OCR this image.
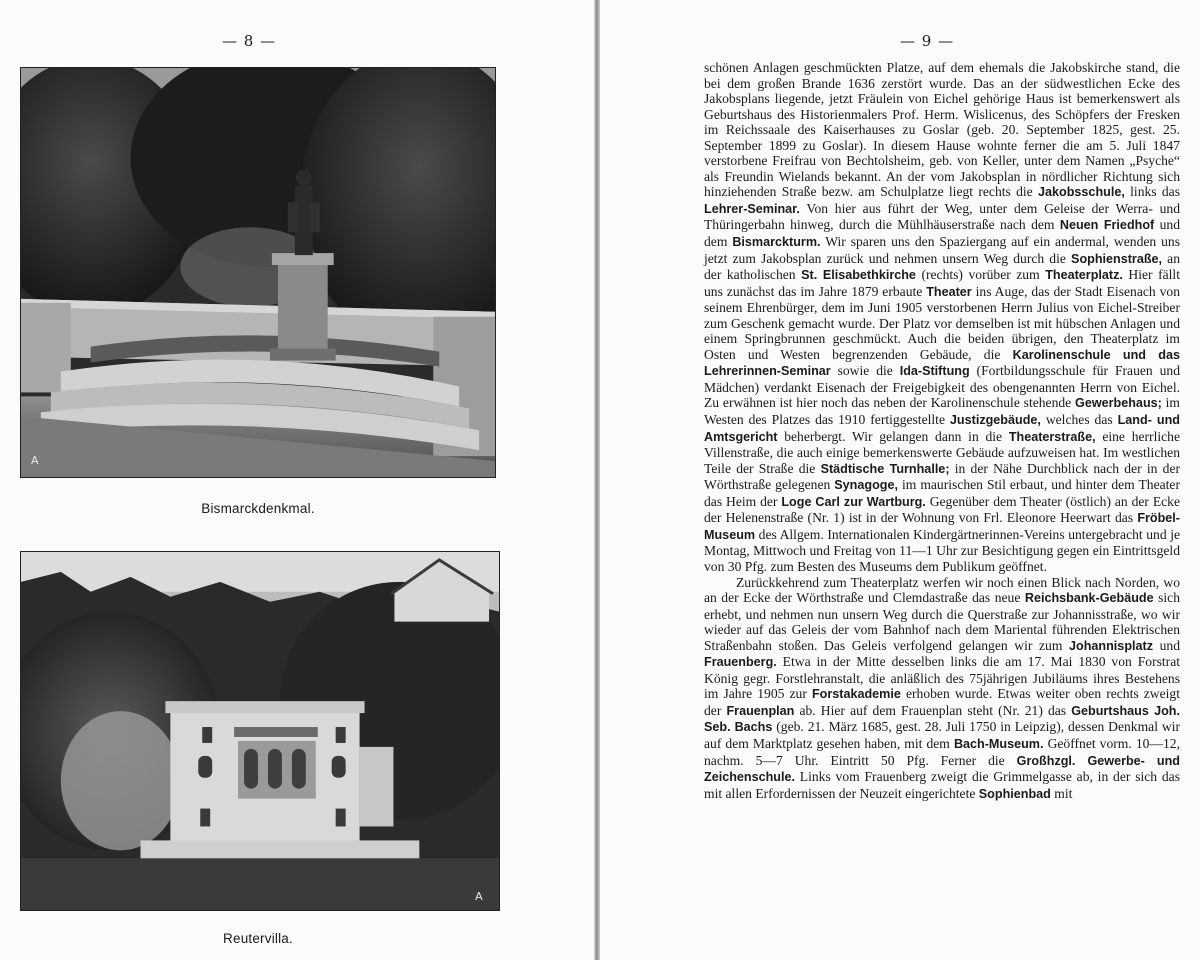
— 8 —
A
Bismarckdenkmal.
A
Reutervilla.
— 9 —

schönen Anlagen geschmückten Platze, auf dem ehemals die Jakobskirche stand, die bei dem großen Brande 1636 zerstört wurde. Das an der südwestlichen Ecke des Jakobsplans liegende, jetzt Fräulein von Eichel gehörige Haus ist bemerkenswert als Geburtshaus des Historienmalers Prof. Herm. Wislicenus, des Schöpfers der Fresken im Reichssaale des Kaiserhauses zu Goslar (geb. 20. September 1825, gest. 25. September 1899 zu Goslar). In diesem Hause wohnte ferner die am 5. Juli 1847 verstorbene Freifrau von Bechtolsheim, geb. von Keller, unter dem Namen „Psyche“ als Freundin Wielands bekannt. An der vom Jakobsplan in nördlicher Richtung sich hinziehenden Straße bezw. am Schulplatze liegt rechts die Jakobsschule, links das Lehrer-Seminar. Von hier aus führt der Weg, unter dem Geleise der Werra- und Thüringerbahn hinweg, durch die Mühlhäuserstraße nach dem Neuen Friedhof und dem Bismarckturm. Wir sparen uns den Spaziergang auf ein andermal, wenden uns jetzt zum Jakobsplan zurück und nehmen unsern Weg durch die Sophienstraße, an der katholischen St. Elisabethkirche (rechts) vorüber zum Theaterplatz. Hier fällt uns zunächst das im Jahre 1879 erbaute Theater ins Auge, das der Stadt Eisenach von seinem Ehrenbürger, dem im Juni 1905 verstorbenen Herrn Julius von Eichel-Streiber zum Geschenk gemacht wurde. Der Platz vor demselben ist mit hübschen Anlagen und einem Springbrunnen geschmückt. Auch die beiden übrigen, den Theaterplatz im Osten und Westen begrenzenden Gebäude, die Karolinenschule und das Lehrerinnen-Seminar sowie die Ida-Stiftung (Fortbildungsschule für Frauen und Mädchen) verdankt Eisenach der Freigebigkeit des obengenannten Herrn von Eichel. Zu erwähnen ist hier noch das neben der Karolinenschule stehende Gewerbehaus; im Westen des Platzes das 1910 fertiggestellte Justizgebäude, welches das Land- und Amtsgericht beherbergt. Wir gelangen dann in die Theaterstraße, eine herrliche Villenstraße, die auch einige bemerkenswerte Gebäude aufzuweisen hat. Im westlichen Teile der Straße die Städtische Turnhalle; in der Nähe Durchblick nach der in der Wörthstraße gelegenen Synagoge, im maurischen Stil erbaut, und hinter dem Theater das Heim der Loge Carl zur Wartburg. Gegenüber dem Theater (östlich) an der Ecke der Helenenstraße (Nr. 1) ist in der Wohnung von Frl. Eleonore Heerwart das Fröbel-Museum des Allgem. Internationalen Kindergärtnerinnen-Vereins untergebracht und je Montag, Mittwoch und Freitag von 11—1 Uhr zur Besichtigung gegen ein Eintrittsgeld von 30 Pfg. zum Besten des Museums dem Publikum geöffnet.

Zurückkehrend zum Theaterplatz werfen wir noch einen Blick nach Norden, wo an der Ecke der Wörthstraße und Clemdastraße das neue Reichsbank-Gebäude sich erhebt, und nehmen nun unsern Weg durch die Querstraße zur Johannisstraße, wo wir wieder auf das Geleis der vom Bahnhof nach dem Mariental führenden Elektrischen Straßenbahn stoßen. Das Geleis verfolgend gelangen wir zum Johannisplatz und Frauenberg. Etwa in der Mitte desselben links die am 17. Mai 1830 von Forstrat König gegr. Forstlehranstalt, die anläßlich des 75jährigen Jubiläums ihres Bestehens im Jahre 1905 zur Forstakademie erhoben wurde. Etwas weiter oben rechts zweigt der Frauenplan ab. Hier auf dem Frauenplan steht (Nr. 21) das Geburtshaus Joh. Seb. Bachs (geb. 21. März 1685, gest. 28. Juli 1750 in Leipzig), dessen Denkmal wir auf dem Marktplatz gesehen haben, mit dem Bach-Museum. Geöffnet vorm. 10—12, nachm. 5—7 Uhr. Eintritt 50 Pfg. Ferner die Großhzgl. Gewerbe- und Zeichenschule. Links vom Frauenberg zweigt die Grimmelgasse ab, in der sich das mit allen Erfordernissen der Neuzeit eingerichtete Sophienbad mit
